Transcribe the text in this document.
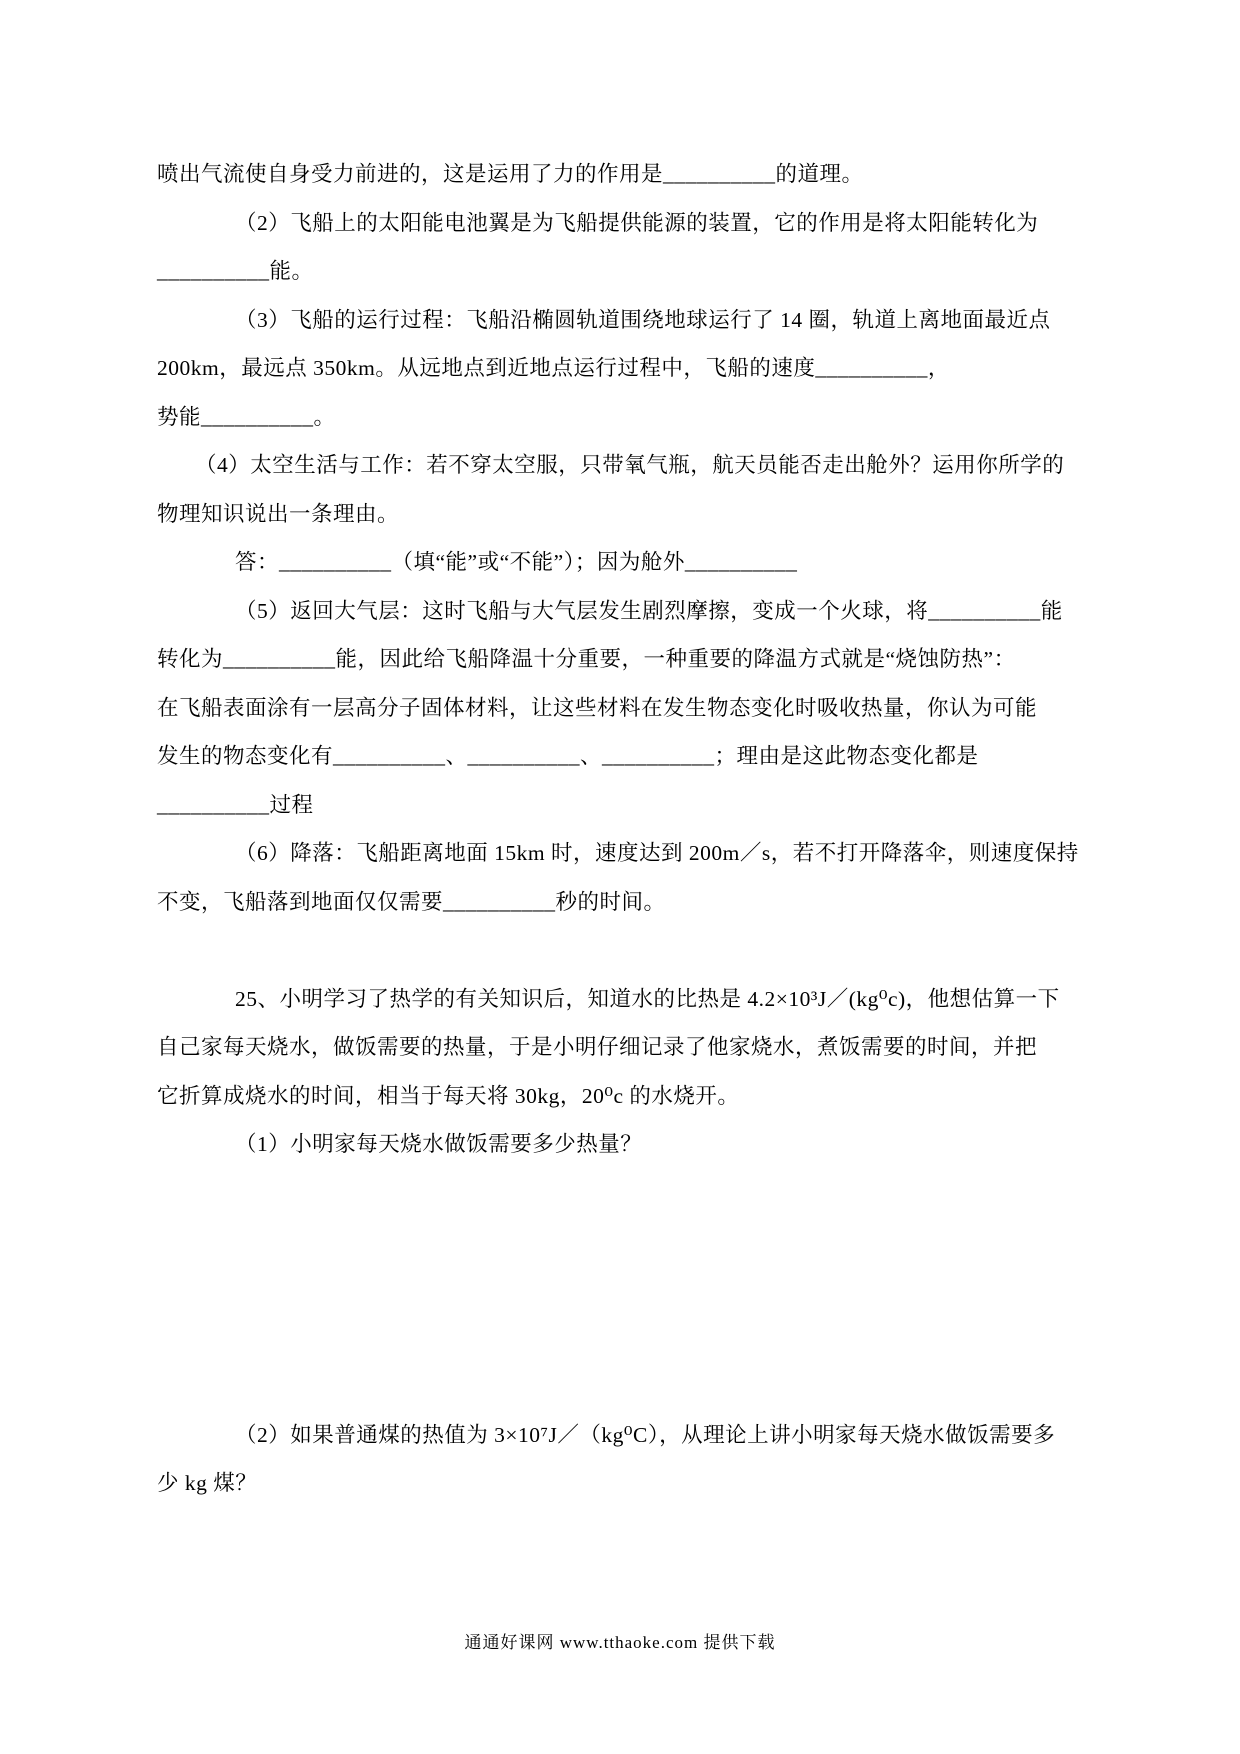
喷出气流使自身受力前进的，这是运用了力的作用是__________的道理。
（2）飞船上的太阳能电池翼是为飞船提供能源的装置，它的作用是将太阳能转化为
__________能。
（3）飞船的运行过程：飞船沿椭圆轨道围绕地球运行了 14 圈，轨道上离地面最近点
200km，最远点 350km。从远地点到近地点运行过程中，飞船的速度__________，
势能__________。
（4）太空生活与工作：若不穿太空服，只带氧气瓶，航天员能否走出舱外？运用你所学的
物理知识说出一条理由。
答：__________（填“能”或“不能”）；因为舱外__________
（5）返回大气层：这时飞船与大气层发生剧烈摩擦，变成一个火球，将__________能
转化为__________能，因此给飞船降温十分重要，一种重要的降温方式就是“烧蚀防热”：
在飞船表面涂有一层高分子固体材料，让这些材料在发生物态变化时吸收热量，你认为可能
发生的物态变化有__________、__________、__________；理由是这此物态变化都是
__________过程
（6）降落：飞船距离地面 15km 时，速度达到 200m／s，若不打开降落伞，则速度保持
不变，飞船落到地面仅仅需要__________秒的时间。
25、小明学习了热学的有关知识后，知道水的比热是 4.2×10³J／(kg⁰c)，他想估算一下
自己家每天烧水，做饭需要的热量，于是小明仔细记录了他家烧水，煮饭需要的时间，并把
它折算成烧水的时间，相当于每天将 30kg，20⁰c 的水烧开。
（1）小明家每天烧水做饭需要多少热量？
（2）如果普通煤的热值为 3×10⁷J／（kg⁰C），从理论上讲小明家每天烧水做饭需要多
少 kg 煤？
通通好课网 www.tthaoke.com 提供下载
